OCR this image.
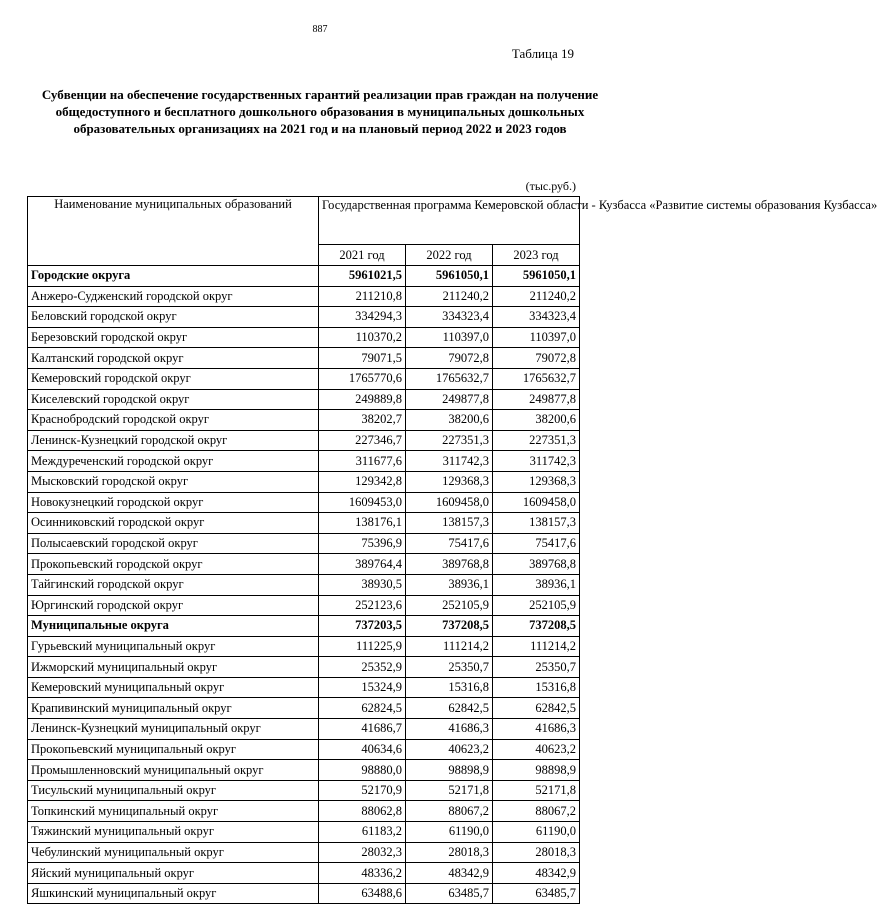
887
Таблица 19
Субвенции на обеспечение государственных гарантий реализации прав граждан на получение общедоступного и бесплатного дошкольного образования в муниципальных дошкольных образовательных организациях на 2021 год и на плановый период 2022 и 2023 годов
(тыс.руб.)
Наименование муниципальных образований	Государственная программа Кемеровской области - Кузбасса «Развитие системы образования Кузбасса»		
	2021 год	2022 год	2023 год
Городские округа	5961021,5	5961050,1	5961050,1
Анжеро-Судженский городской округ	211210,8	211240,2	211240,2
Беловский городской округ	334294,3	334323,4	334323,4
Березовский городской округ	110370,2	110397,0	110397,0
Калтанский городской округ	79071,5	79072,8	79072,8
Кемеровский городской округ	1765770,6	1765632,7	1765632,7
Киселевский городской округ	249889,8	249877,8	249877,8
Краснобродский городской округ	38202,7	38200,6	38200,6
Ленинск-Кузнецкий городской округ	227346,7	227351,3	227351,3
Междуреченский городской округ	311677,6	311742,3	311742,3
Мысковский городской округ	129342,8	129368,3	129368,3
Новокузнецкий городской округ	1609453,0	1609458,0	1609458,0
Осинниковский городской округ	138176,1	138157,3	138157,3
Полысаевский городской округ	75396,9	75417,6	75417,6
Прокопьевский городской округ	389764,4	389768,8	389768,8
Тайгинский городской округ	38930,5	38936,1	38936,1
Юргинский городской округ	252123,6	252105,9	252105,9
Муниципальные округа	737203,5	737208,5	737208,5
Гурьевский муниципальный округ	111225,9	111214,2	111214,2
Ижморский муниципальный округ	25352,9	25350,7	25350,7
Кемеровский муниципальный округ	15324,9	15316,8	15316,8
Крапивинский муниципальный округ	62824,5	62842,5	62842,5
Ленинск-Кузнецкий муниципальный округ	41686,7	41686,3	41686,3
Прокопьевский муниципальный округ	40634,6	40623,2	40623,2
Промышленновский муниципальный округ	98880,0	98898,9	98898,9
Тисульский муниципальный округ	52170,9	52171,8	52171,8
Топкинский муниципальный округ	88062,8	88067,2	88067,2
Тяжинский муниципальный округ	61183,2	61190,0	61190,0
Чебулинский муниципальный округ	28032,3	28018,3	28018,3
Яйский муниципальный округ	48336,2	48342,9	48342,9
Яшкинский муниципальный округ	63488,6	63485,7	63485,7
